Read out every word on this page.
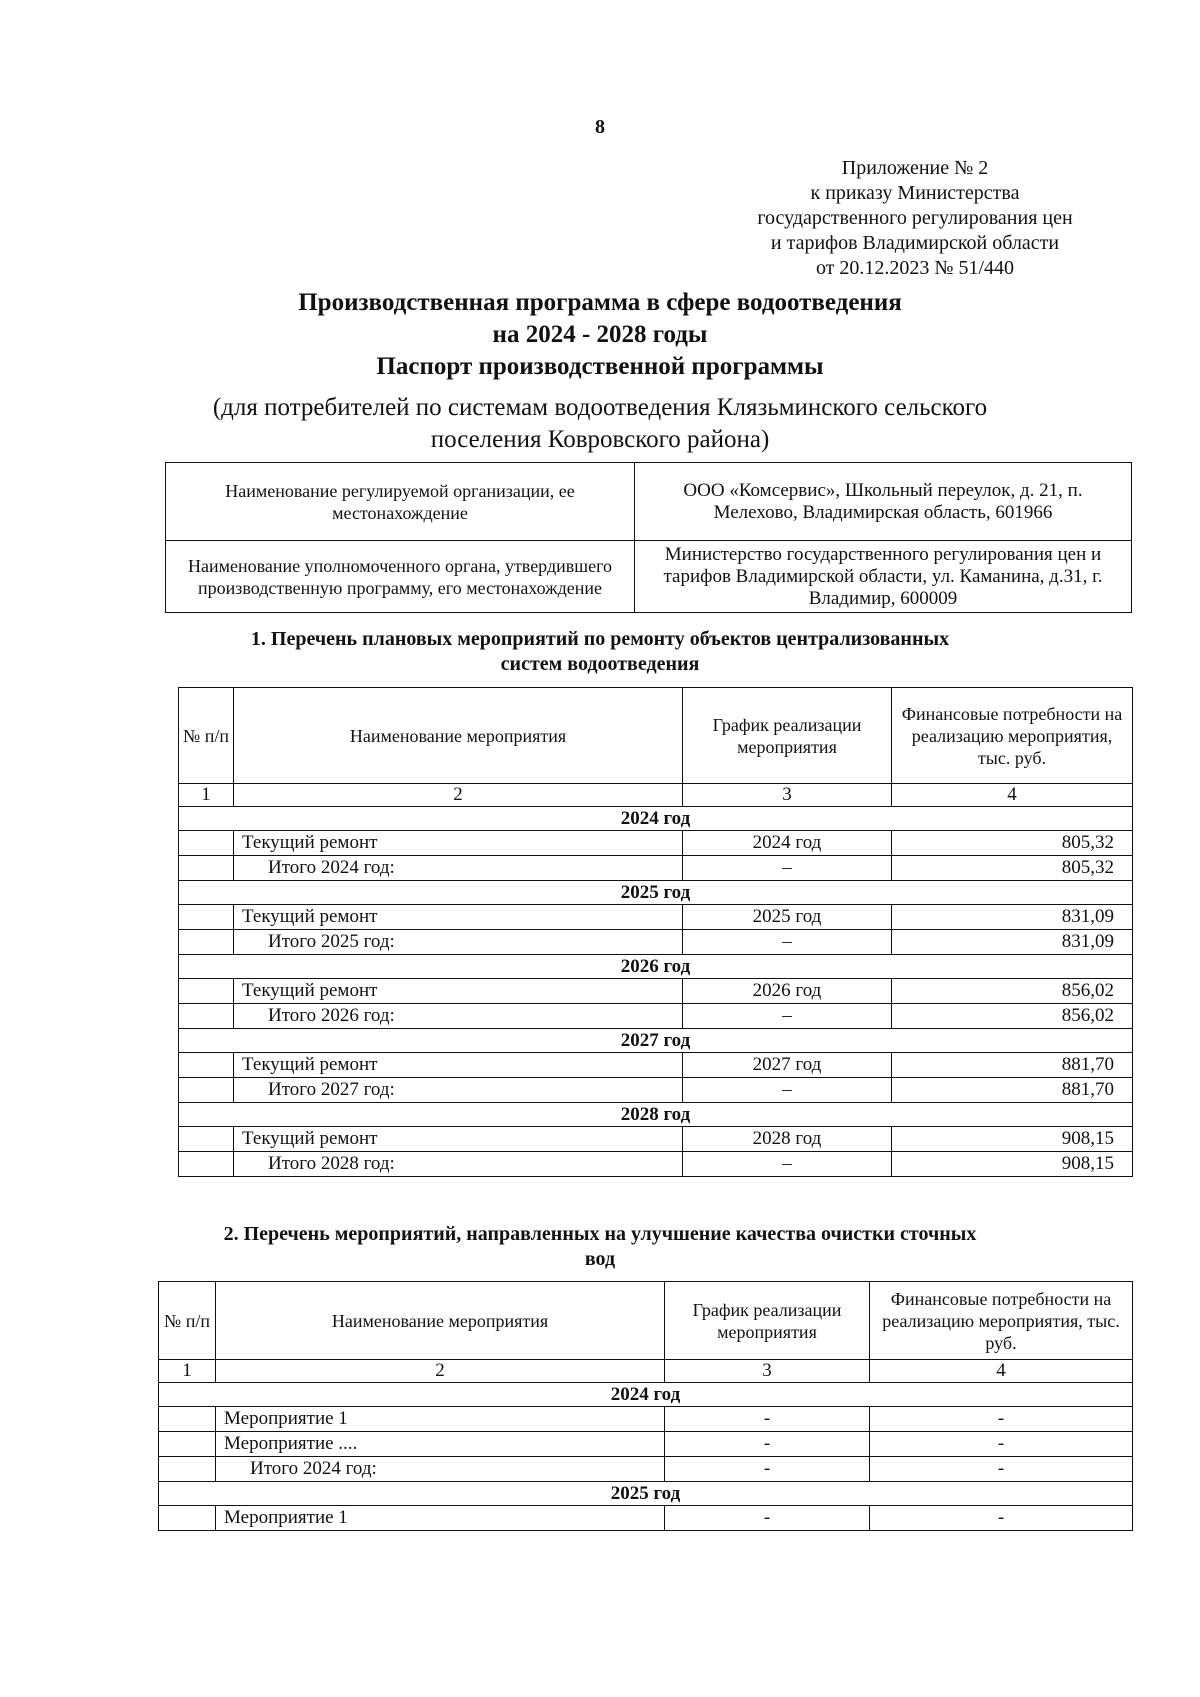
8
Приложение № 2
к приказу Министерства
государственного регулирования цен
и тарифов Владимирской области
от 20.12.2023 № 51/440
Производственная программа в сфере водоотведения
на 2024 - 2028 годы
Паспорт производственной программы
(для потребителей по системам водоотведения Клязьминского сельского
поселения Ковровского района)
Наименование регулируемой организации, ее местонахождение	ООО «Комсервис», Школьный переулок, д. 21, п. Мелехово, Владимирская область, 601966
Наименование уполномоченного органа, утвердившего производственную программу, его местонахождение	Министерство государственного регулирования цен и тарифов Владимирской области, ул. Каманина, д.31, г. Владимир, 600009
1. Перечень плановых мероприятий по ремонту объектов централизованных
систем водоотведения
№ п/п	Наименование мероприятия	График реализации мероприятия	Финансовые потребности на реализацию мероприятия, тыс. руб.
1	2	3	4
2024 год			
	Текущий ремонт	2024 год	805,32
	Итого 2024 год:	–	805,32
2025 год			
	Текущий ремонт	2025 год	831,09
	Итого 2025 год:	–	831,09
2026 год			
	Текущий ремонт	2026 год	856,02
	Итого 2026 год:	–	856,02
2027 год			
	Текущий ремонт	2027 год	881,70
	Итого 2027 год:	–	881,70
2028 год			
	Текущий ремонт	2028 год	908,15
	Итого 2028 год:	–	908,15
2. Перечень мероприятий, направленных на улучшение качества очистки сточных
вод
№ п/п	Наименование мероприятия	График реализации мероприятия	Финансовые потребности на реализацию мероприятия, тыс. руб.
1	2	3	4
2024 год			
	Мероприятие 1	-	-
	Мероприятие ....	-	-
	Итого 2024 год:	-	-
2025 год			
	Мероприятие 1	-	-
